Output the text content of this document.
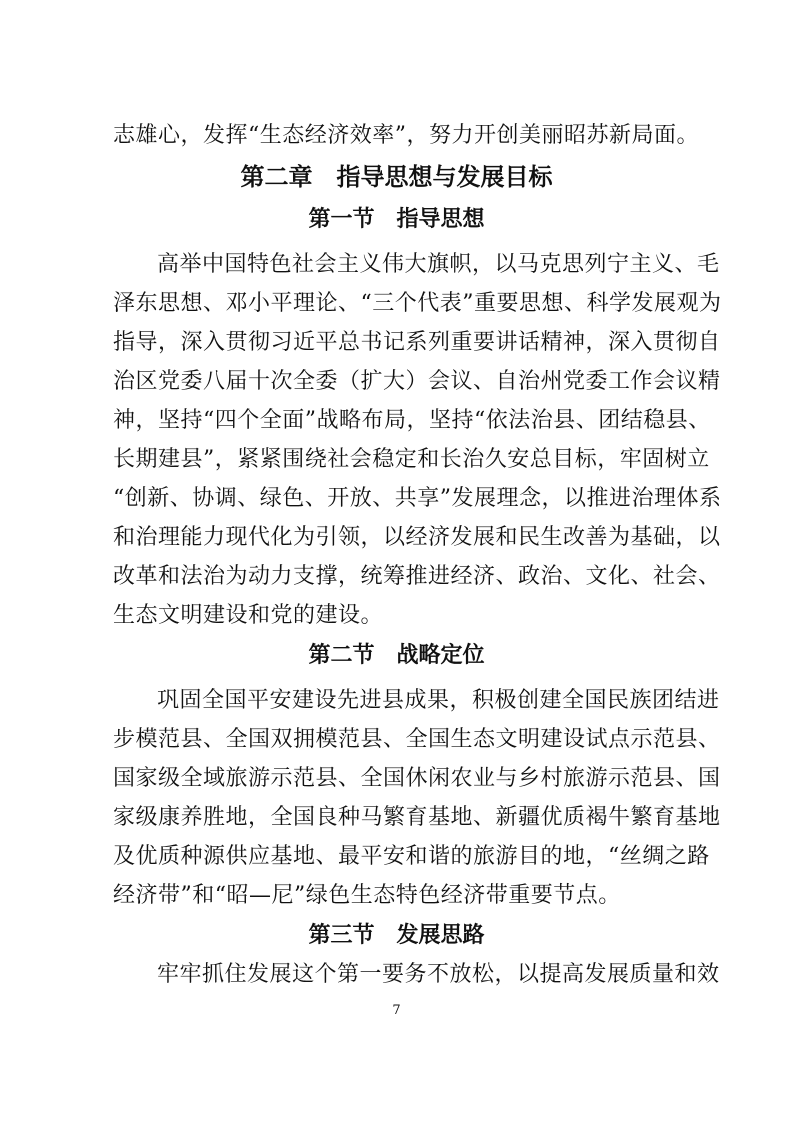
志雄心，发挥“生态经济效率”，努力开创美丽昭苏新局面。
第二章　指导思想与发展目标
第一节　指导思想
高举中国特色社会主义伟大旗帜，以马克思列宁主义、毛
泽东思想、邓小平理论、“三个代表”重要思想、科学发展观为
指导，深入贯彻习近平总书记系列重要讲话精神，深入贯彻自
治区党委八届十次全委（扩大）会议、自治州党委工作会议精
神，坚持“四个全面”战略布局，坚持“依法治县、团结稳县、
长期建县”，紧紧围绕社会稳定和长治久安总目标，牢固树立
“创新、协调、绿色、开放、共享”发展理念，以推进治理体系
和治理能力现代化为引领，以经济发展和民生改善为基础，以
改革和法治为动力支撑，统筹推进经济、政治、文化、社会、
生态文明建设和党的建设。
第二节　战略定位
巩固全国平安建设先进县成果，积极创建全国民族团结进
步模范县、全国双拥模范县、全国生态文明建设试点示范县、
国家级全域旅游示范县、全国休闲农业与乡村旅游示范县、国
家级康养胜地，全国良种马繁育基地、新疆优质褐牛繁育基地
及优质种源供应基地、最平安和谐的旅游目的地，“丝绸之路
经济带”和“昭—尼”绿色生态特色经济带重要节点。
第三节　发展思路
牢牢抓住发展这个第一要务不放松，以提高发展质量和效
7
